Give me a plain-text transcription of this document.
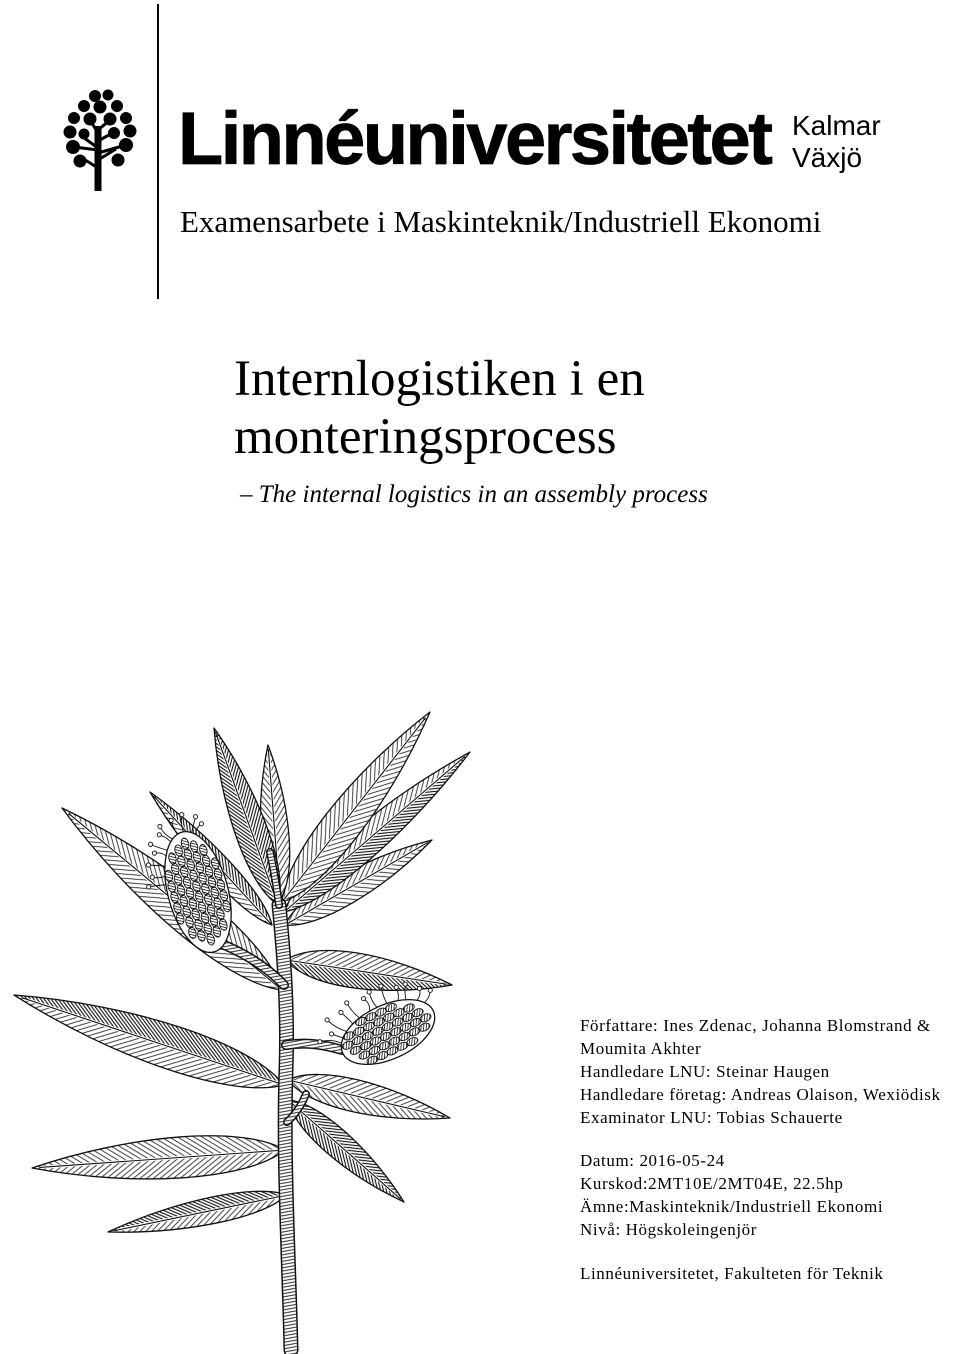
Linnéuniversitetet Kalmar
Växjö
Examensarbete i Maskinteknik/Industriell Ekonomi
Internlogistiken i en
monteringsprocess
– The internal logistics in an assembly process
Författare: Ines Zdenac, Johanna Blomstrand &
Moumita Akhter
Handledare LNU: Steinar Haugen
Handledare företag: Andreas Olaison, Wexiödisk
Examinator LNU: Tobias Schauerte
Datum: 2016-05-24
Kurskod:2MT10E/2MT04E, 22.5hp
Ämne:Maskinteknik/Industriell Ekonomi
Nivå: Högskoleingenjör
Linnéuniversitetet, Fakulteten för Teknik
